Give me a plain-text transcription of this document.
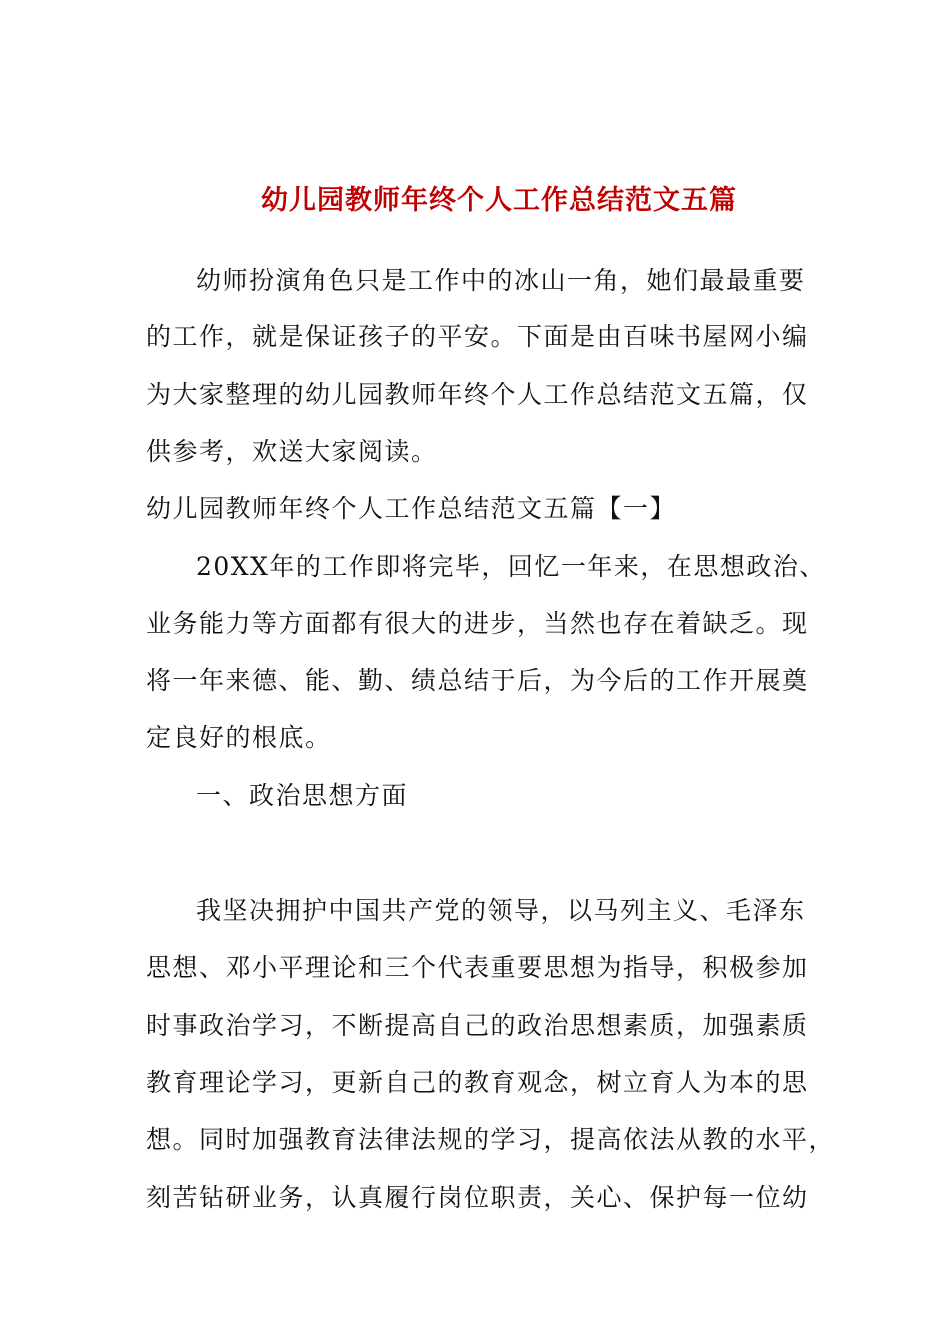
幼儿园教师年终个人工作总结范文五篇
幼师扮演角色只是工作中的冰山一角，她们最最重要
的工作，就是保证孩子的平安。下面是由百味书屋网小编
为大家整理的幼儿园教师年终个人工作总结范文五篇，仅
供参考，欢送大家阅读。
幼儿园教师年终个人工作总结范文五篇【一】
20XX年的工作即将完毕，回忆一年来，在思想政治、
业务能力等方面都有很大的进步，当然也存在着缺乏。现
将一年来德、能、勤、绩总结于后，为今后的工作开展奠
定良好的根底。
一、政治思想方面
我坚决拥护中国共产党的领导，以马列主义、毛泽东
思想、邓小平理论和三个代表重要思想为指导，积极参加
时事政治学习，不断提高自己的政治思想素质，加强素质
教育理论学习，更新自己的教育观念，树立育人为本的思
想。同时加强教育法律法规的学习，提高依法从教的水平，
刻苦钻研业务，认真履行岗位职责，关心、保护每一位幼
